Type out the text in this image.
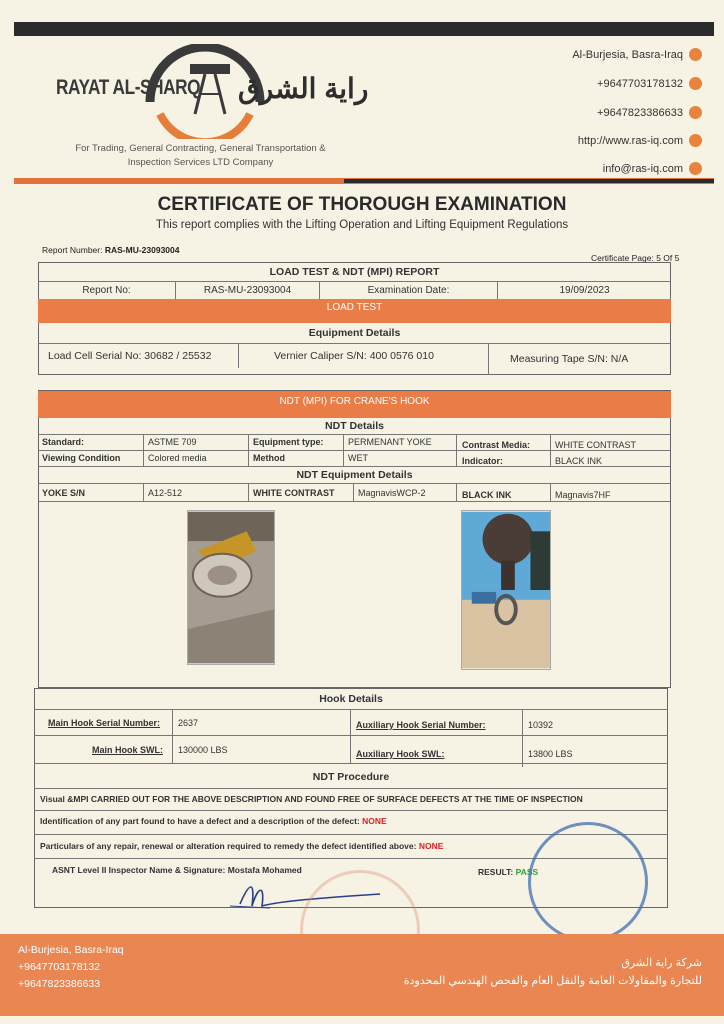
RAYAT AL-SHARQ راية الشرق
For Trading, General Contracting, General Transportation & Inspection Services LTD Company
Al-Burjesia, Basra-Iraq
+9647703178132
+9647823386633
http://www.ras-iq.com
info@ras-iq.com
CERTIFICATE OF THOROUGH EXAMINATION
This report complies with the Lifting Operation and Lifting Equipment Regulations
Report Number: RAS-MU-23093004
Certificate Page: 5 Of 5
LOAD TEST & NDT (MPI) REPORT
Report No:	RAS-MU-23093004	Examination Date:	19/09/2023
LOAD TEST
Equipment Details
Load Cell Serial No: 30682 / 25532	Vernier Caliper S/N: 400 0576 010	Measuring Tape S/N: N/A
NDT (MPI) FOR CRANE'S HOOK
NDT Details
Standard:	ASTME 709	Equipment type:	PERMENANT YOKE	Contrast Media:	WHITE CONTRAST
Viewing Condition	Colored media	Method	WET	Indicator:	BLACK INK
NDT Equipment Details
YOKE S/N	A12-512	WHITE CONTRAST	MagnavisWCP-2	BLACK INK	Magnavis7HF
Hook Details
Main Hook Serial Number:	2637	Auxiliary Hook Serial Number:	10392
Main Hook SWL:	130000 LBS	Auxiliary Hook SWL:	13800 LBS
NDT Procedure
Visual &MPI CARRIED OUT FOR THE ABOVE DESCRIPTION AND FOUND FREE OF SURFACE DEFECTS AT THE TIME OF INSPECTION
Identification of any part found to have a defect and a description of the defect:
NONE
Particulars of any repair, renewal or alteration required to remedy the defect identified above:
NONE
ASNT Level II Inspector Name & Signature: Mostafa Mohamed	RESULT:
PASS
Al-Burjesia, Basra-Iraq
+9647703178132
+9647823386633
شركة راية الشرق
للتجارة والمقاولات العامة والنقل العام والفحص الهندسي المحدودة
